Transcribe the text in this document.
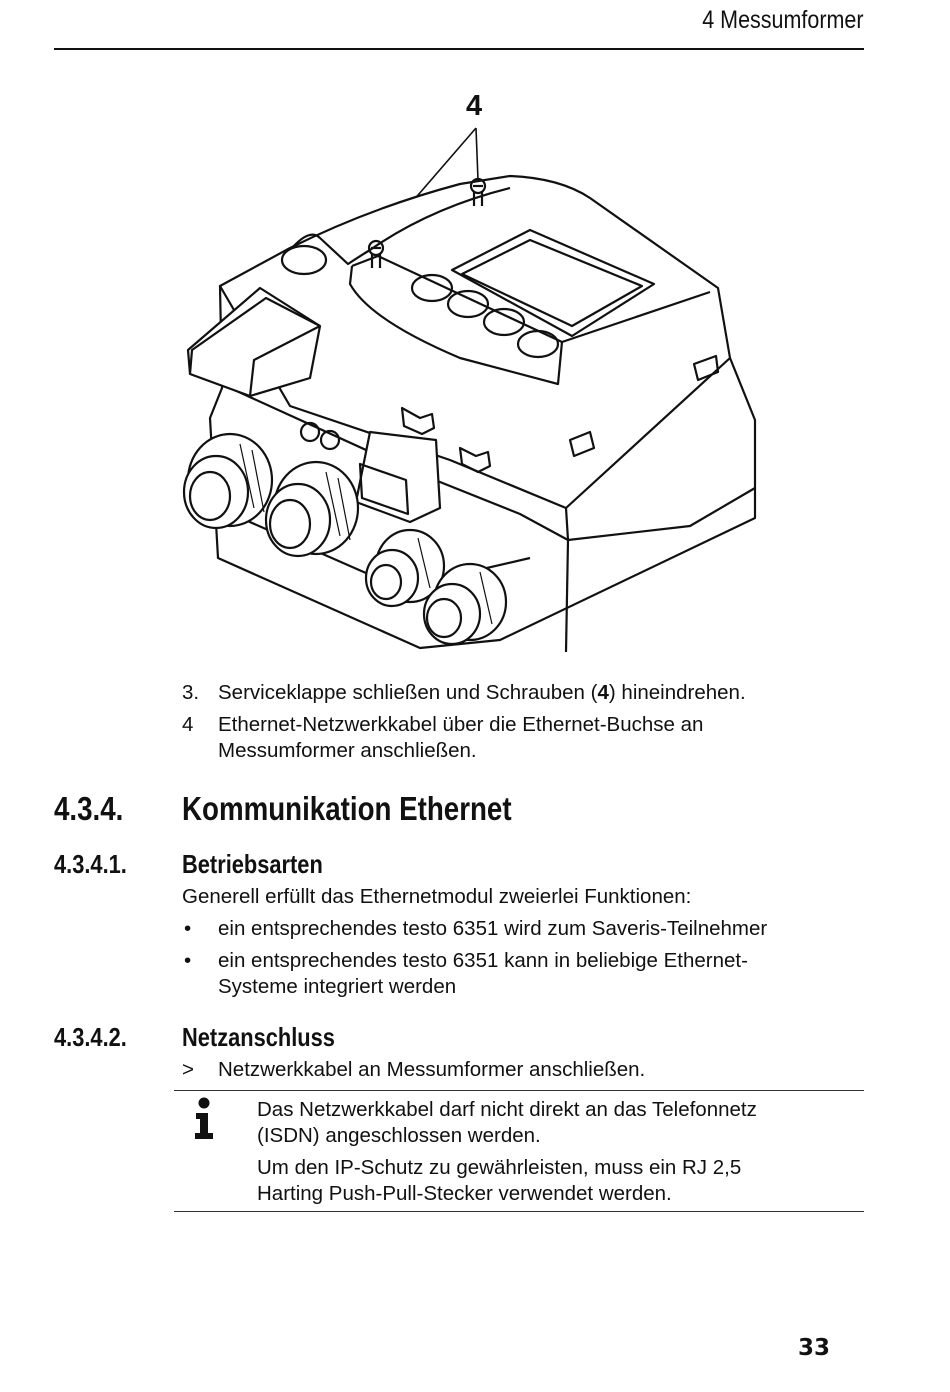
4 Messumformer
4
3. Serviceklappe schließen und Schrauben (4) hineindrehen.
4 Ethernet-Netzwerkkabel über die Ethernet-Buchse an
Messumformer anschließen.
4.3.4. Kommunikation Ethernet
4.3.4.1. Betriebsarten
Generell erfüllt das Ethernetmodul zweierlei Funktionen:
• ein entsprechendes testo 6351 wird zum Saveris-Teilnehmer
• ein entsprechendes testo 6351 kann in beliebige Ethernet-
Systeme integriert werden
4.3.4.2. Netzanschluss
> Netzwerkkabel an Messumformer anschließen.
Das Netzwerkkabel darf nicht direkt an das Telefonnetz
(ISDN) angeschlossen werden.
Um den IP-Schutz zu gewährleisten, muss ein RJ 2,5
Harting Push-Pull-Stecker verwendet werden.
33
